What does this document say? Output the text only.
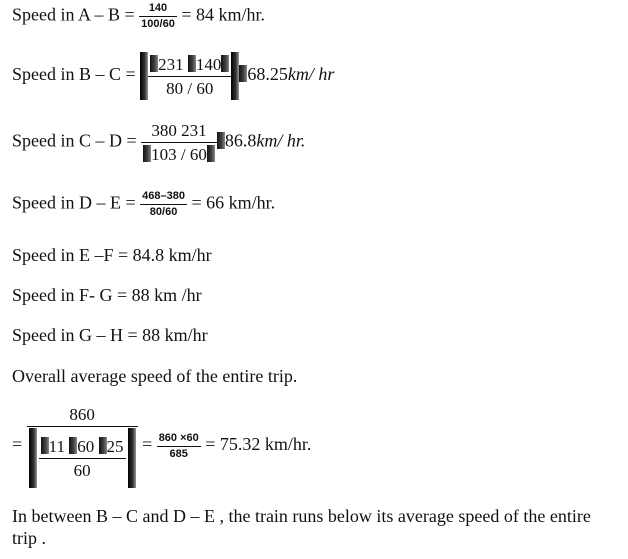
Speed in $A - B = \frac{140}{100/60} = 84$ km/hr.
Speed in $B - C = \frac{231 140}{80 / 60} 68.25km/$ hr
Speed in $C - D = \frac{380 231}{103 / 60} 86.8km/$ hr.
Speed in $D - E = \frac{468-380}{80/60} = 66$ km/hr.
Speed in E –F = 84.8 km/hr
Speed in F- G = 88 km /hr
Speed in G – H = 88 km/hr
Overall average speed of the entire trip.
= $\frac{860}{\frac{11 60 25}{60}} = \frac{860 \times 60}{685} = 75.32$ km/hr.
In between B – C and D – E , the train runs below its average speed of the entire trip .
